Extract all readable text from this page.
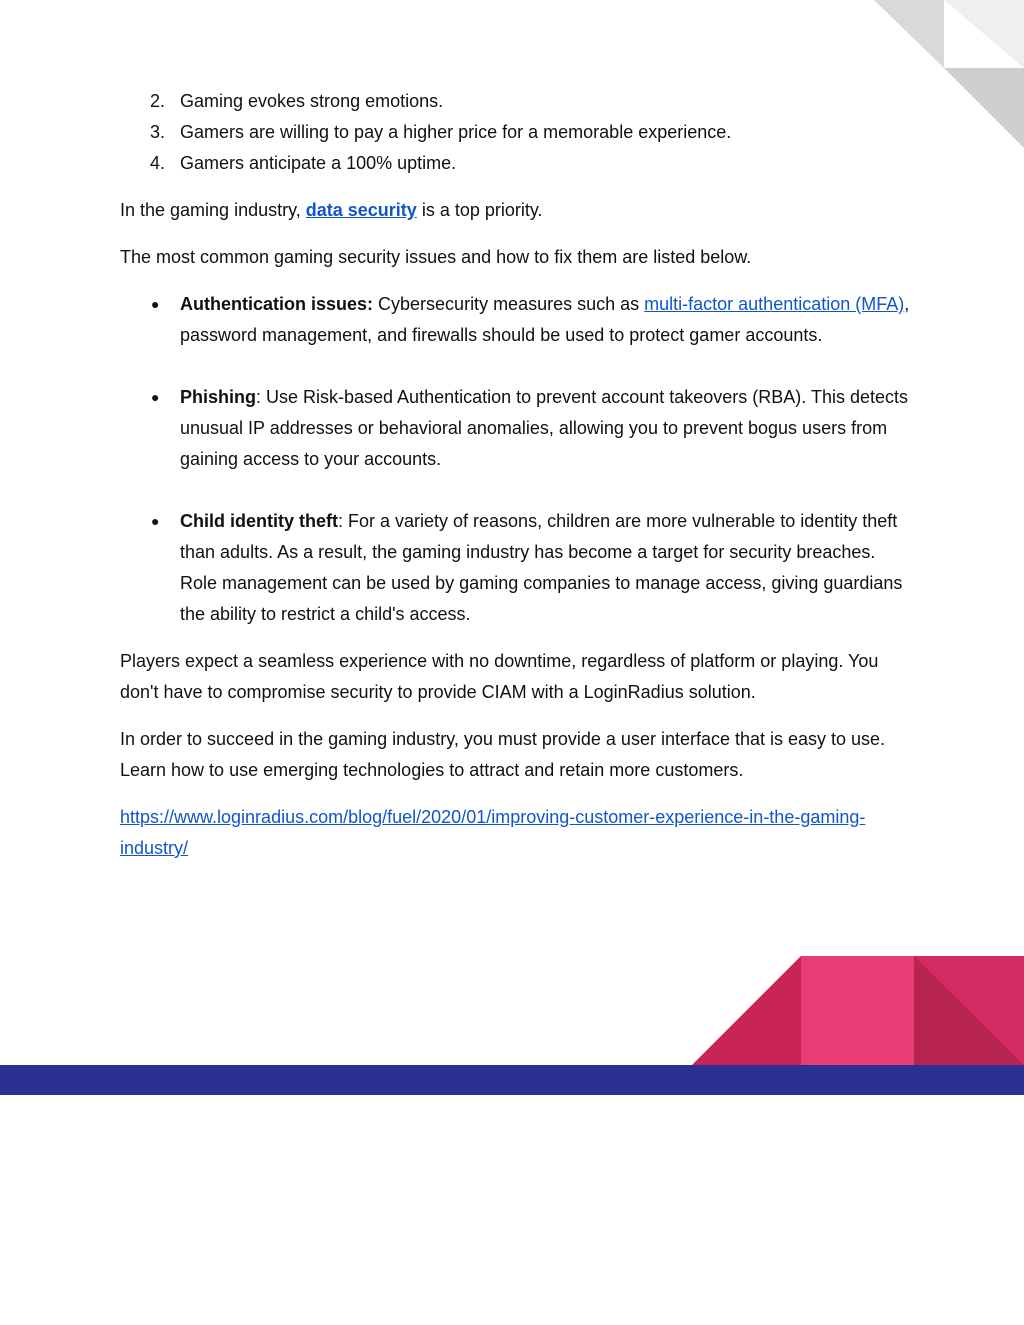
2. Gaming evokes strong emotions.
3. Gamers are willing to pay a higher price for a memorable experience.
4. Gamers anticipate a 100% uptime.

In the gaming industry, data security is a top priority.

The most common gaming security issues and how to fix them are listed below.

● Authentication issues: Cybersecurity measures such as multi-factor authentication (MFA), password management, and firewalls should be used to protect gamer accounts.
● Phishing: Use Risk-based Authentication to prevent account takeovers (RBA). This detects unusual IP addresses or behavioral anomalies, allowing you to prevent bogus users from gaining access to your accounts.
● Child identity theft: For a variety of reasons, children are more vulnerable to identity theft than adults. As a result, the gaming industry has become a target for security breaches. Role management can be used by gaming companies to manage access, giving guardians the ability to restrict a child's access.

Players expect a seamless experience with no downtime, regardless of platform or playing. You don't have to compromise security to provide CIAM with a LoginRadius solution.

In order to succeed in the gaming industry, you must provide a user interface that is easy to use. Learn how to use emerging technologies to attract and retain more customers.

https://www.loginradius.com/blog/fuel/2020/01/improving-customer-experience-in-the-gaming-industry/
